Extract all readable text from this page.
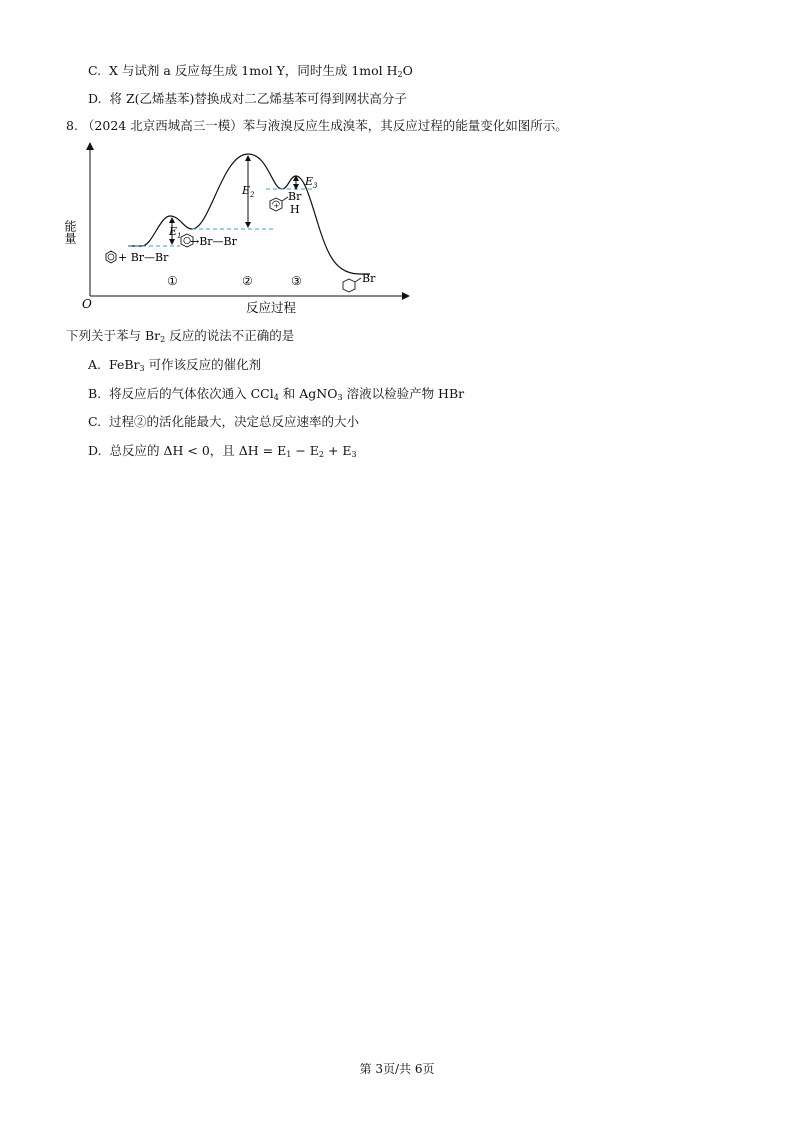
C. X 与试剂 a 反应每生成 1mol Y，同时生成 1mol $H_2O$
D. 将 Z(乙烯基苯)替换成对二乙烯基苯可得到网状高分子
8. （2024 北京西城高三一模）苯与液溴反应生成溴苯，其反应过程的能量变化如图所示。
O	反应过程
能量	$E_1$
$E_2$
$E_3$
+ Br—Br
→Br—Br
+
Br
H
Br
①	②	③
下列关于苯与 $Br_2$ 反应的说法不正确的是
A. FeBr$_3$ 可作该反应的催化剂
B. 将反应后的气体依次通入 CCl$_4$ 和 AgNO$_3$ 溶液以检验产物 HBr
C. 过程②的活化能最大，决定总反应速率的大小
D. 总反应的 ΔH < 0，且 $\Delta H = E_1 - E_2 + E_3$
第 3页/共 6页
